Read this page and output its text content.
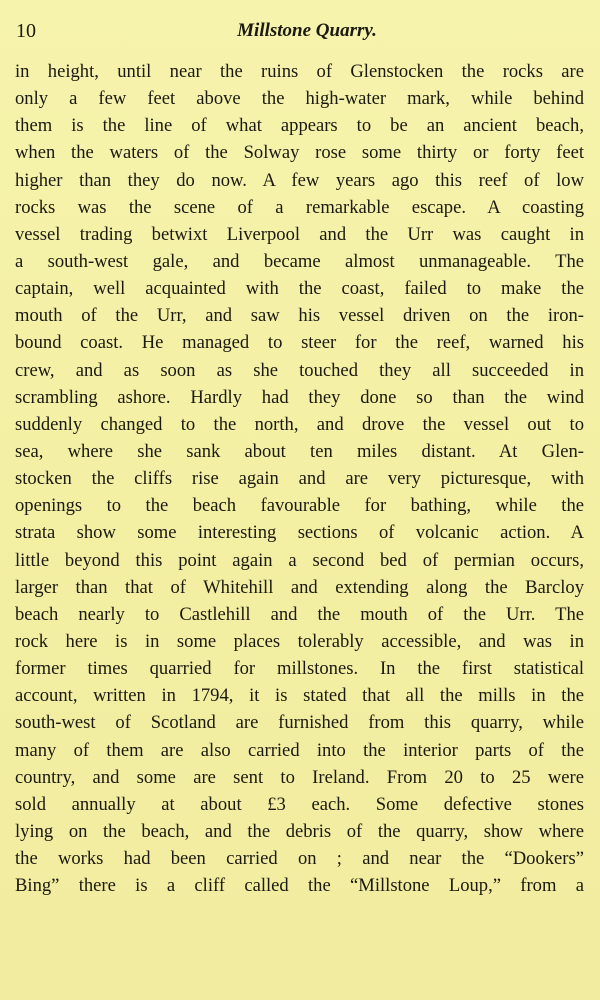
10	Millstone Quarry.
in height, until near the ruins of Glenstocken the rocks are
only a few feet above the high-water mark, while behind
them is the line of what appears to be an ancient beach,
when the waters of the Solway rose some thirty or forty feet
higher than they do now. A few years ago this reef of low
rocks was the scene of a remarkable escape. A coasting
vessel trading betwixt Liverpool and the Urr was caught in
a south-west gale, and became almost unmanageable. The
captain, well acquainted with the coast, failed to make the
mouth of the Urr, and saw his vessel driven on the iron-
bound coast. He managed to steer for the reef, warned his
crew, and as soon as she touched they all succeeded in
scrambling ashore. Hardly had they done so than the wind
suddenly changed to the north, and drove the vessel out to
sea, where she sank about ten miles distant. At Glen-
stocken the cliffs rise again and are very picturesque, with
openings to the beach favourable for bathing, while the
strata show some interesting sections of volcanic action. A
little beyond this point again a second bed of permian occurs,
larger than that of Whitehill and extending along the Barcloy
beach nearly to Castlehill and the mouth of the Urr. The
rock here is in some places tolerably accessible, and was in
former times quarried for millstones. In the first statistical
account, written in 1794, it is stated that all the mills in the
south-west of Scotland are furnished from this quarry, while
many of them are also carried into the interior parts of the
country, and some are sent to Ireland. From 20 to 25 were
sold annually at about £3 each. Some defective stones
lying on the beach, and the debris of the quarry, show where
the works had been carried on ; and near the “Dookers”
Bing” there is a cliff called the “Millstone Loup,” from a
